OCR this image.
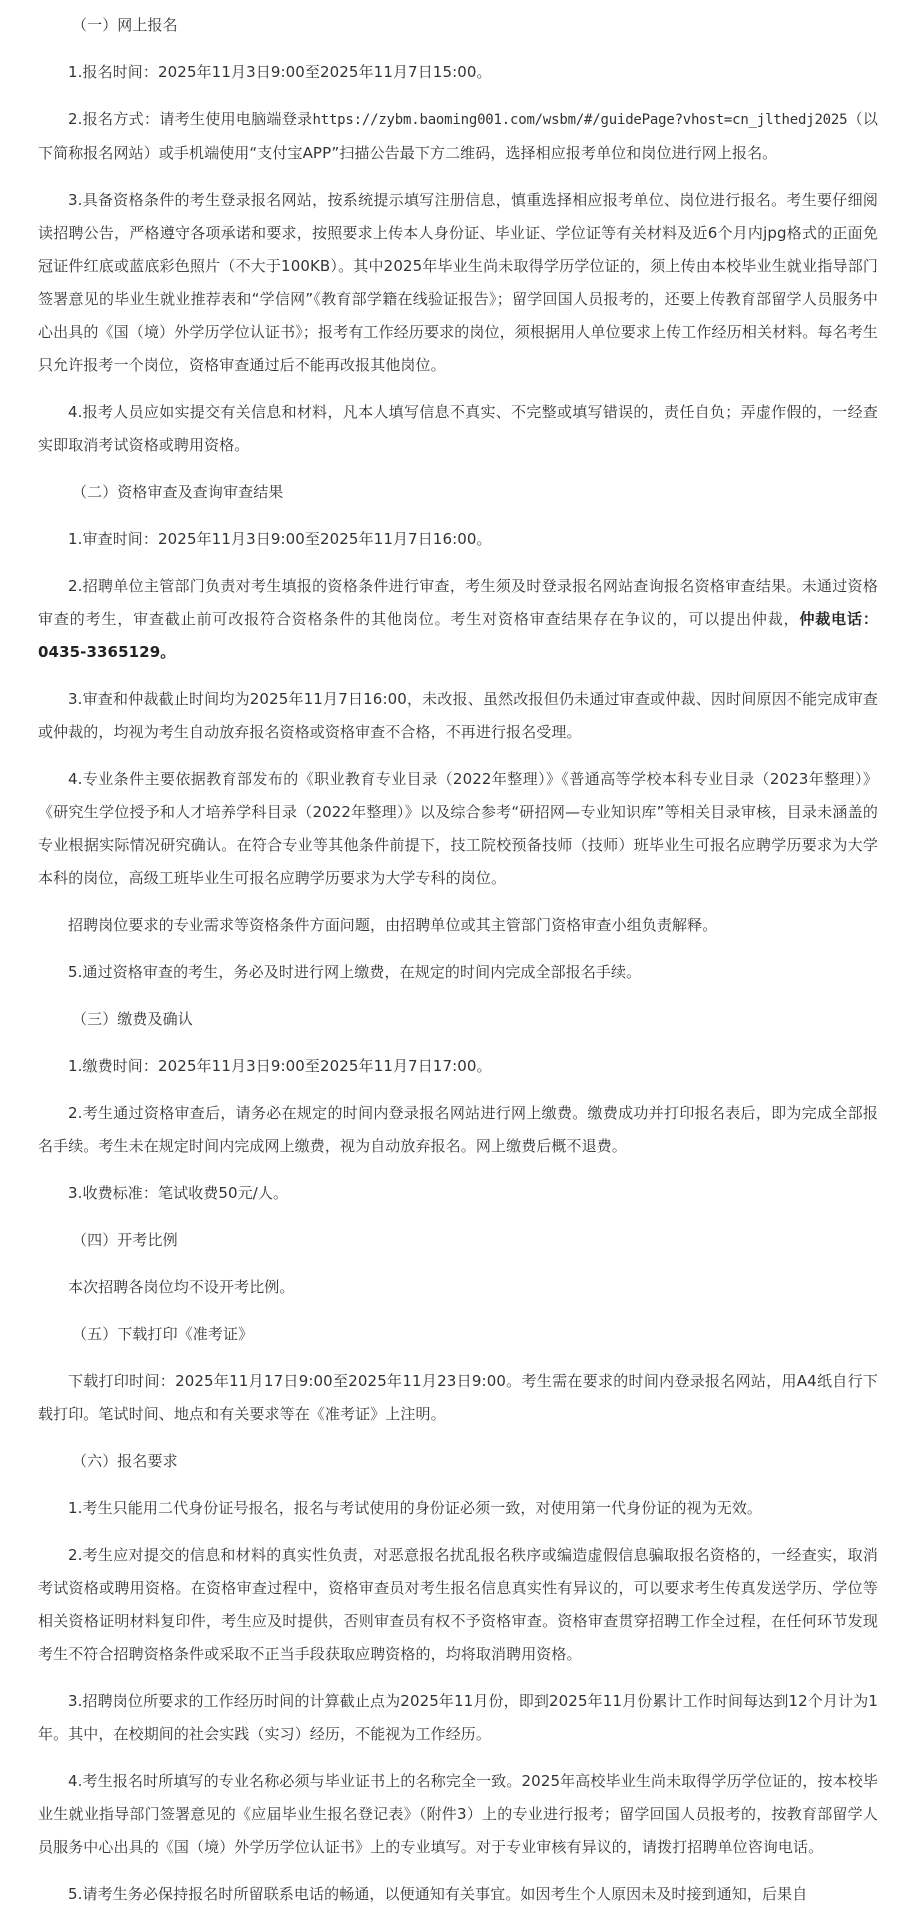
（一）网上报名

1.报名时间：2025年11月3日9:00至2025年11月7日15:00。

2.报名方式：请考生使用电脑端登录https://zybm.baoming001.com/wsbm/#/guidePage?vhost=cn_jlthedj2025（以下简称报名网站）或手机端使用“支付宝APP”扫描公告最下方二维码，选择相应报考单位和岗位进行网上报名。

3.具备资格条件的考生登录报名网站，按系统提示填写注册信息，慎重选择相应报考单位、岗位进行报名。考生要仔细阅读招聘公告，严格遵守各项承诺和要求，按照要求上传本人身份证、毕业证、学位证等有关材料及近6个月内jpg格式的正面免冠证件红底或蓝底彩色照片（不大于100KB）。其中2025年毕业生尚未取得学历学位证的，须上传由本校毕业生就业指导部门签署意见的毕业生就业推荐表和“学信网”《教育部学籍在线验证报告》；留学回国人员报考的，还要上传教育部留学人员服务中心出具的《国（境）外学历学位认证书》；报考有工作经历要求的岗位，须根据用人单位要求上传工作经历相关材料。每名考生只允许报考一个岗位，资格审查通过后不能再改报其他岗位。

4.报考人员应如实提交有关信息和材料，凡本人填写信息不真实、不完整或填写错误的，责任自负；弄虚作假的，一经查实即取消考试资格或聘用资格。

（二）资格审查及查询审查结果

1.审查时间：2025年11月3日9:00至2025年11月7日16:00。

2.招聘单位主管部门负责对考生填报的资格条件进行审查，考生须及时登录报名网站查询报名资格审查结果。未通过资格审查的考生，审查截止前可改报符合资格条件的其他岗位。考生对资格审查结果存在争议的，可以提出仲裁，仲裁电话：0435-3365129。

3.审查和仲裁截止时间均为2025年11月7日16:00，未改报、虽然改报但仍未通过审查或仲裁、因时间原因不能完成审查或仲裁的，均视为考生自动放弃报名资格或资格审查不合格，不再进行报名受理。

4.专业条件主要依据教育部发布的《职业教育专业目录（2022年整理）》《普通高等学校本科专业目录（2023年整理）》《研究生学位授予和人才培养学科目录（2022年整理）》以及综合参考“研招网—专业知识库”等相关目录审核，目录未涵盖的专业根据实际情况研究确认。在符合专业等其他条件前提下，技工院校预备技师（技师）班毕业生可报名应聘学历要求为大学本科的岗位，高级工班毕业生可报名应聘学历要求为大学专科的岗位。

招聘岗位要求的专业需求等资格条件方面问题，由招聘单位或其主管部门资格审查小组负责解释。

5.通过资格审查的考生，务必及时进行网上缴费，在规定的时间内完成全部报名手续。

（三）缴费及确认

1.缴费时间：2025年11月3日9:00至2025年11月7日17:00。

2.考生通过资格审查后，请务必在规定的时间内登录报名网站进行网上缴费。缴费成功并打印报名表后，即为完成全部报名手续。考生未在规定时间内完成网上缴费，视为自动放弃报名。网上缴费后概不退费。

3.收费标准：笔试收费50元/人。

（四）开考比例

本次招聘各岗位均不设开考比例。

（五）下载打印《准考证》

下载打印时间：2025年11月17日9:00至2025年11月23日9:00。考生需在要求的时间内登录报名网站，用A4纸自行下载打印。笔试时间、地点和有关要求等在《准考证》上注明。

（六）报名要求

1.考生只能用二代身份证号报名，报名与考试使用的身份证必须一致，对使用第一代身份证的视为无效。

2.考生应对提交的信息和材料的真实性负责，对恶意报名扰乱报名秩序或编造虚假信息骗取报名资格的，一经查实，取消考试资格或聘用资格。在资格审查过程中，资格审查员对考生报名信息真实性有异议的，可以要求考生传真发送学历、学位等相关资格证明材料复印件，考生应及时提供，否则审查员有权不予资格审查。资格审查贯穿招聘工作全过程，在任何环节发现考生不符合招聘资格条件或采取不正当手段获取应聘资格的，均将取消聘用资格。

3.招聘岗位所要求的工作经历时间的计算截止点为2025年11月份，即到2025年11月份累计工作时间每达到12个月计为1年。其中，在校期间的社会实践（实习）经历，不能视为工作经历。

4.考生报名时所填写的专业名称必须与毕业证书上的名称完全一致。2025年高校毕业生尚未取得学历学位证的，按本校毕业生就业指导部门签署意见的《应届毕业生报名登记表》（附件3）上的专业进行报考；留学回国人员报考的，按教育部留学人员服务中心出具的《国（境）外学历学位认证书》上的专业填写。对于专业审核有异议的，请拨打招聘单位咨询电话。

5.请考生务必保持报名时所留联系电话的畅通，以便通知有关事宜。如因考生个人原因未及时接到通知，后果自
